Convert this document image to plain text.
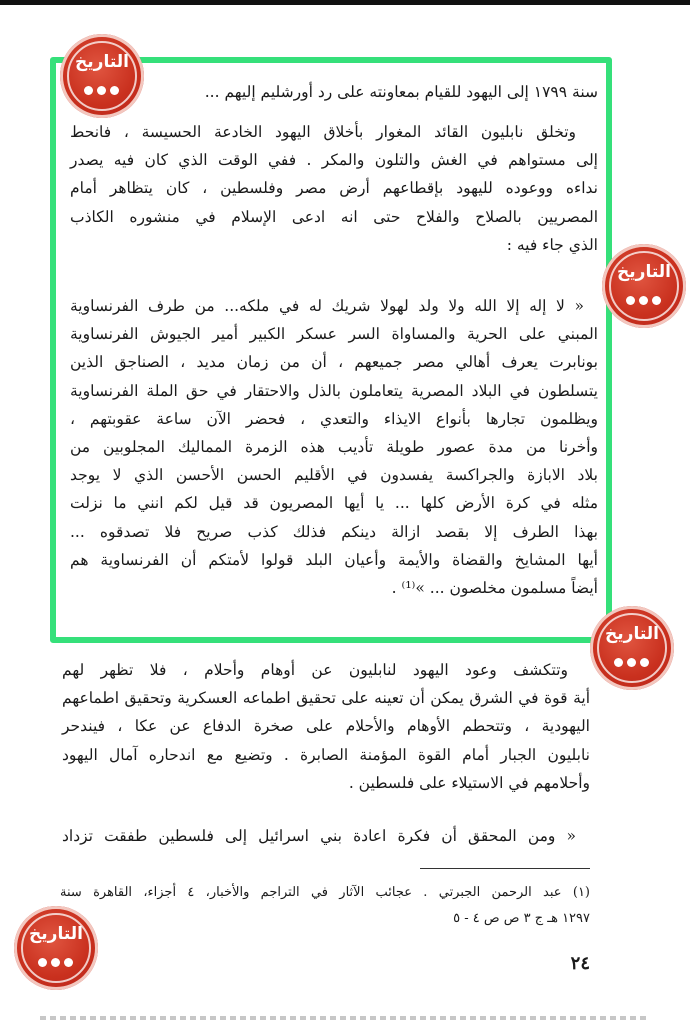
سنة ١٧٩٩ إلى اليهود للقيام بمعاونته على رد أورشليم إليهم ...
وتخلق نابليون القائد المغوار بأخلاق اليهود الخادعة الحسيسة ، فانحط
إلى مستواهم في الغش والتلون والمكر . ففي الوقت الذي كان فيه يصدر
نداءه ووعوده لليهود بإقطاعهم أرض مصر وفلسطين ، كان يتظاهر أمام
المصريين بالصلاح والفلاح حتى انه ادعى الإسلام في منشوره الكاذب
الذي جاء فيه :
« لا إله إلا الله ولا ولد لهولا شريك له في ملكه... من طرف الفرنساوية
المبني على الحرية والمساواة السر عسكر الكبير أمير الجيوش الفرنساوية
بونابرت يعرف أهالي مصر جميعهم ، أن من زمان مديد ، الصناجق الذين
يتسلطون في البلاد المصرية يتعاملون بالذل والاحتقار في حق الملة الفرنساوية
ويظلمون تجارها بأنواع الايذاء والتعدي ، فحضر الآن ساعة عقوبتهم ،
وأخرنا من مدة عصور طويلة تأديب هذه الزمرة المماليك المجلوبين من
بلاد الابازة والجراكسة يفسدون في الأقليم الحسن الأحسن الذي لا يوجد
مثله في كرة الأرض كلها ... يا أيها المصريون قد قيل لكم انني ما نزلت
بهذا الطرف إلا بقصد ازالة دينكم فذلك كذب صريح فلا تصدقوه ...
أيها المشايخ والقضاة والأيمة وأعيان البلد قولوا لأمتكم أن الفرنساوية هم
أيضاً مسلمون مخلصون ... »⁽¹⁾ .
وتتكشف وعود اليهود لنابليون عن أوهام وأحلام ، فلا تظهر لهم
أية قوة في الشرق يمكن أن تعينه على تحقيق اطماعه العسكرية وتحقيق اطماعهم
اليهودية ، وتتحطم الأوهام والأحلام على صخرة الدفاع عن عكا ، فيندحر
نابليون الجبار أمام القوة المؤمنة الصابرة . وتضيع مع اندحاره آمال اليهود
وأحلامهم في الاستيلاء على فلسطين .
« ومن المحقق أن فكرة اعادة بني اسرائيل إلى فلسطين طفقت تزداد
(١) عبد الرحمن الجبرتي . عجائب الآثار في التراجم والأخبار، ٤ أجزاء، القاهرة سنة
١٢٩٧ هـ ج ٣ ص ص ٤ - ٥
٢٤
التاريخ
التاريخ
التاريخ
التاريخ
